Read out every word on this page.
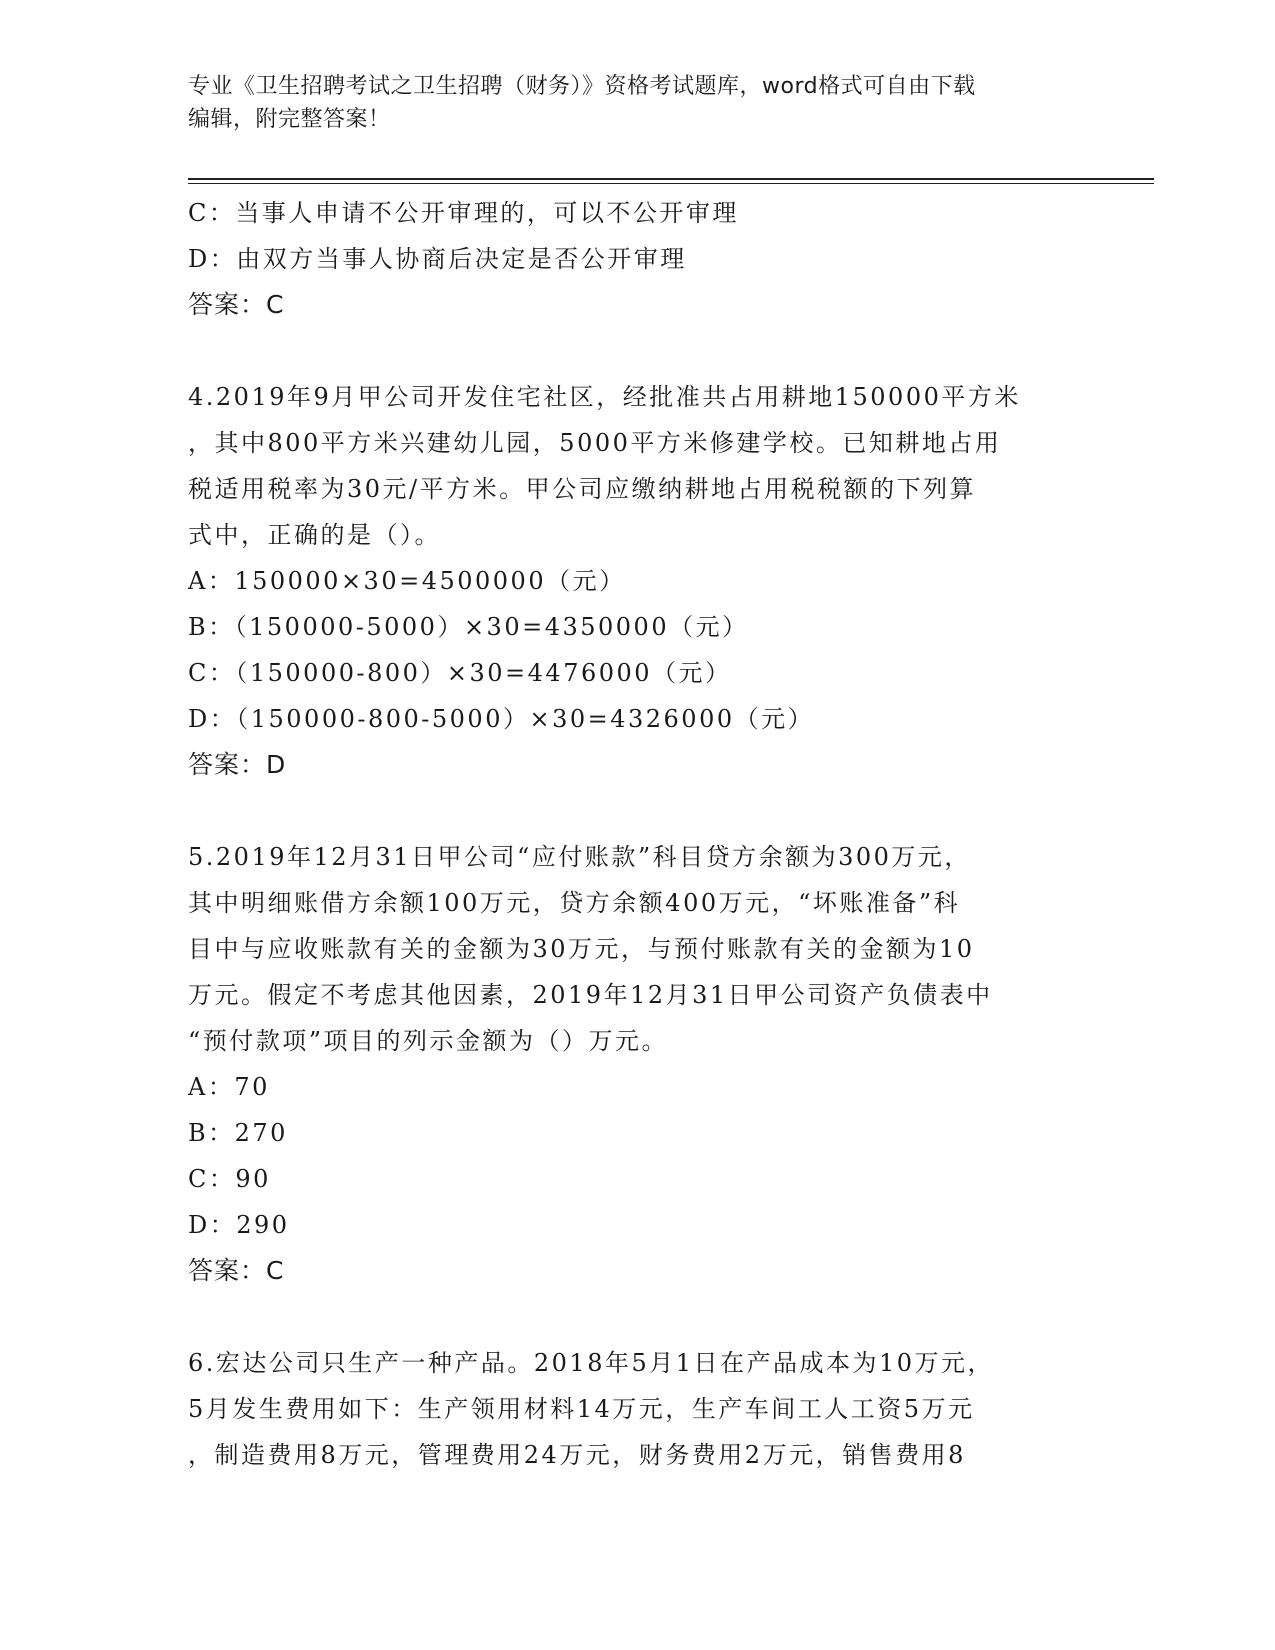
专业《卫生招聘考试之卫生招聘（财务）》资格考试题库，word格式可自由下载
编辑，附完整答案！
C：当事人申请不公开审理的，可以不公开审理
D：由双方当事人协商后决定是否公开审理
答案：C
4.2019年9月甲公司开发住宅社区，经批准共占用耕地150000平方米
，其中800平方米兴建幼儿园，5000平方米修建学校。已知耕地占用
税适用税率为30元/平方米。甲公司应缴纳耕地占用税税额的下列算
式中，正确的是（）。
A：150000×30=4500000（元）
B：（150000-5000）×30=4350000（元）
C：（150000-800）×30=4476000（元）
D：（150000-800-5000）×30=4326000（元）
答案：D
5.2019年12月31日甲公司“应付账款”科目贷方余额为300万元，
其中明细账借方余额100万元，贷方余额400万元，“坏账准备”科
目中与应收账款有关的金额为30万元，与预付账款有关的金额为10
万元。假定不考虑其他因素，2019年12月31日甲公司资产负债表中
“预付款项”项目的列示金额为（）万元。
A：70
B：270
C：90
D：290
答案：C
6.宏达公司只生产一种产品。2018年5月1日在产品成本为10万元，
5月发生费用如下：生产领用材料14万元，生产车间工人工资5万元
，制造费用8万元，管理费用24万元，财务费用2万元，销售费用8
